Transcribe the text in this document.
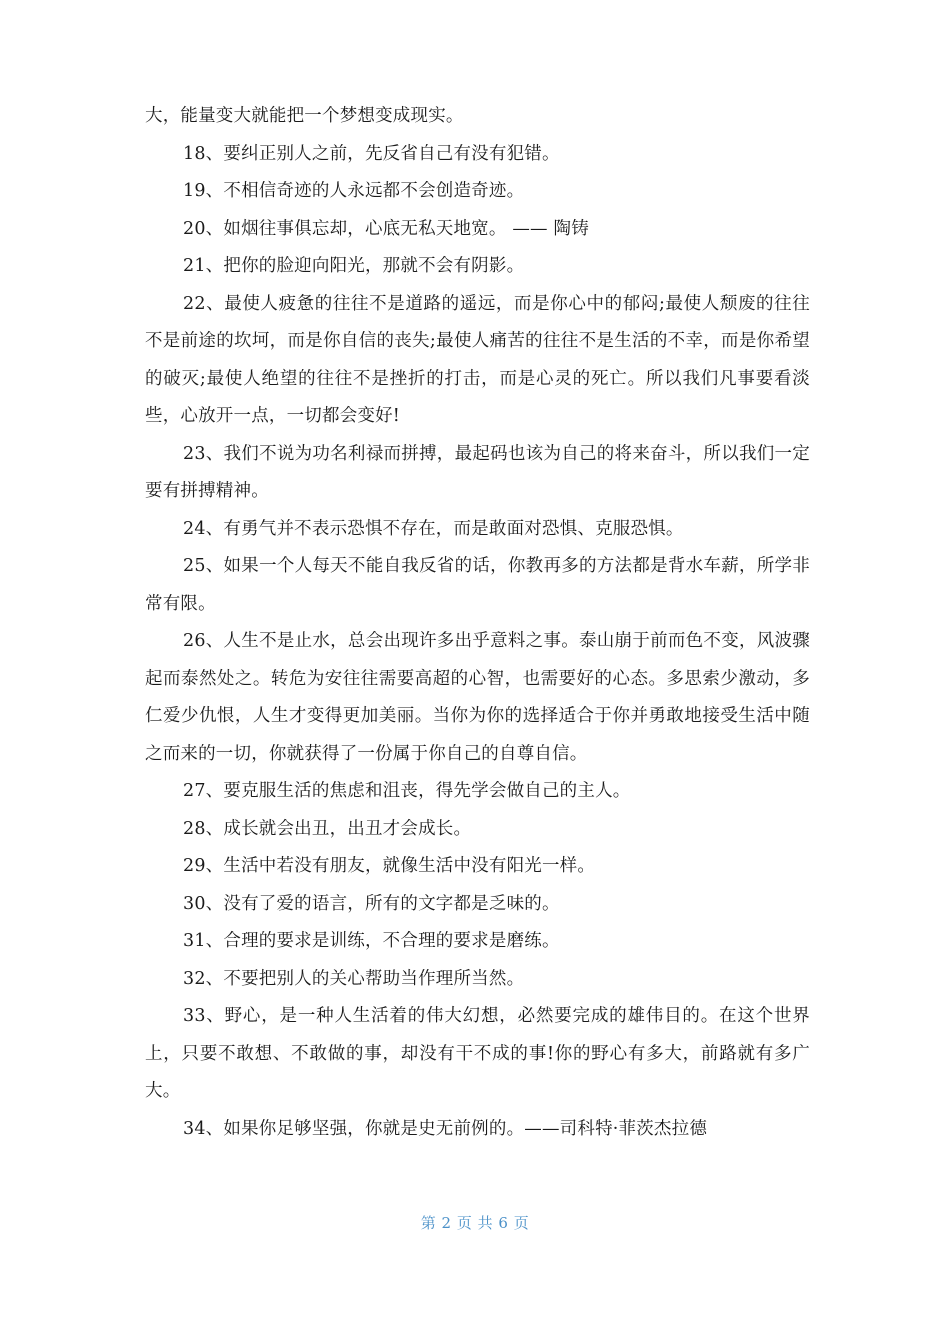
大，能量变大就能把一个梦想变成现实。

18、要纠正别人之前，先反省自己有没有犯错。

19、不相信奇迹的人永远都不会创造奇迹。

20、如烟往事俱忘却，心底无私天地宽。 —— 陶铸

21、把你的脸迎向阳光，那就不会有阴影。

22、最使人疲惫的往往不是道路的遥远，而是你心中的郁闷;最使人颓废的往往不是前途的坎坷，而是你自信的丧失;最使人痛苦的往往不是生活的不幸，而是你希望的破灭;最使人绝望的往往不是挫折的打击，而是心灵的死亡。所以我们凡事要看淡些，心放开一点，一切都会变好!

23、我们不说为功名利禄而拼搏，最起码也该为自己的将来奋斗，所以我们一定要有拼搏精神。

24、有勇气并不表示恐惧不存在，而是敢面对恐惧、克服恐惧。

25、如果一个人每天不能自我反省的话，你教再多的方法都是背水车薪，所学非常有限。

26、人生不是止水，总会出现许多出乎意料之事。泰山崩于前而色不变，风波骤起而泰然处之。转危为安往往需要高超的心智，也需要好的心态。多思索少激动，多仁爱少仇恨，人生才变得更加美丽。当你为你的选择适合于你并勇敢地接受生活中随之而来的一切，你就获得了一份属于你自己的自尊自信。

27、要克服生活的焦虑和沮丧，得先学会做自己的主人。

28、成长就会出丑，出丑才会成长。

29、生活中若没有朋友，就像生活中没有阳光一样。

30、没有了爱的语言，所有的文字都是乏味的。

31、合理的要求是训练，不合理的要求是磨练。

32、不要把别人的关心帮助当作理所当然。

33、野心，是一种人生活着的伟大幻想，必然要完成的雄伟目的。在这个世界上，只要不敢想、不敢做的事，却没有干不成的事!你的野心有多大，前路就有多广大。

34、如果你足够坚强，你就是史无前例的。——司科特·菲茨杰拉德

第 2 页 共 6 页
